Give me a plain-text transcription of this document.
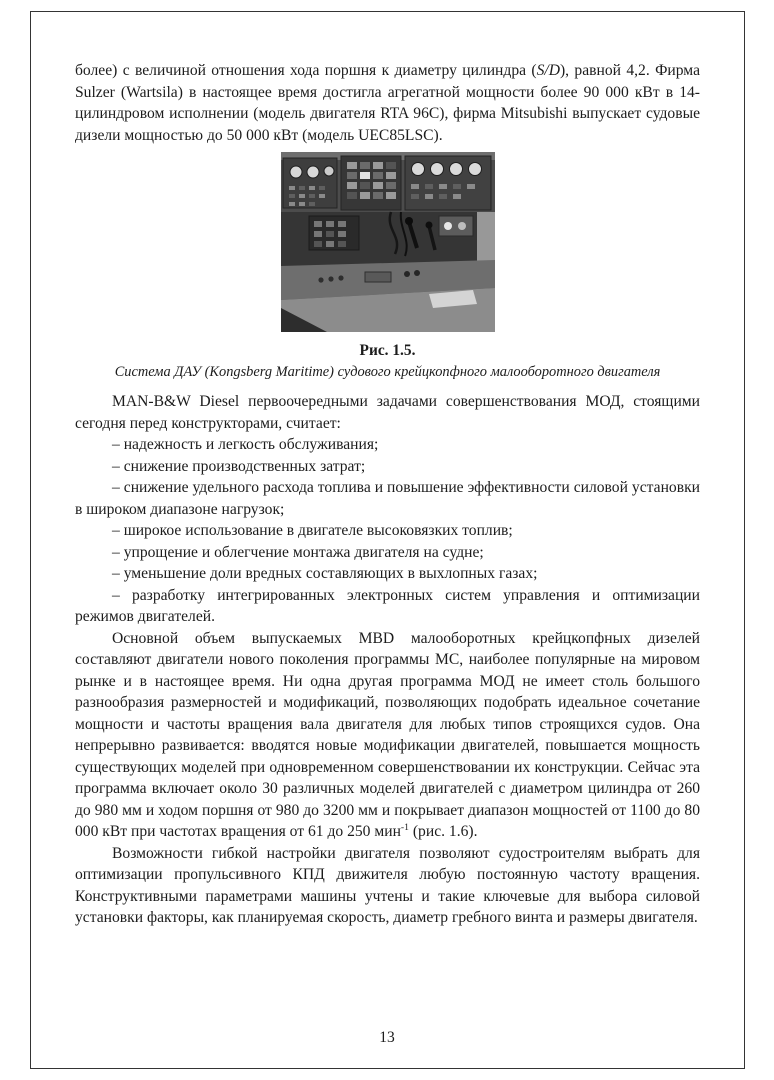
более) с величиной отношения хода поршня к диаметру цилиндра (S/D), равной 4,2. Фирма Sulzer (Wartsila) в настоящее время достигла агрегатной мощности более 90 000 кВт в 14-цилиндровом исполнении (модель двигателя RTA 96C), фирма Mitsubishi выпускает судовые дизели мощностью до 50 000 кВт (модель UEC85LSC).

Рис. 1.5.

Система ДАУ (Kongsberg Maritime) судового крейцкопфного малооборотного двигателя

MAN-B&W Diesel первоочередными задачами совершенствования МОД, стоящими сегодня перед конструкторами, считает:

– надежность и легкость обслуживания;

– снижение производственных затрат;

– снижение удельного расхода топлива и повышение эффективности силовой установки в широком диапазоне нагрузок;

– широкое использование в двигателе высоковязких топлив;

– упрощение и облегчение монтажа двигателя на судне;

– уменьшение доли вредных составляющих в выхлопных газах;

– разработку интегрированных электронных систем управления и оптимизации режимов двигателей.

Основной объем выпускаемых MBD малооборотных крейцкопфных дизелей составляют двигатели нового поколения программы MC, наиболее популярные на мировом рынке и в настоящее время. Ни одна другая программа МОД не имеет столь большого разнообразия размерностей и модификаций, позволяющих подобрать идеальное сочетание мощности и частоты вращения вала двигателя для любых типов строящихся судов. Она непрерывно развивается: вводятся новые модификации двигателей, повышается мощность существующих моделей при одновременном совершенствовании их конструкции. Сейчас эта программа включает около 30 различных моделей двигателей с диаметром цилиндра от 260 до 980 мм и ходом поршня от 980 до 3200 мм и покрывает диапазон мощностей от 1100 до 80 000 кВт при частотах вращения от 61 до 250 мин$^{-1}$ (рис. 1.6).

Возможности гибкой настройки двигателя позволяют судостроителям выбрать для оптимизации пропульсивного КПД движителя любую постоянную частоту вращения. Конструктивными параметрами машины учтены и такие ключевые для выбора силовой установки факторы, как планируемая скорость, диаметр гребного винта и размеры двигателя.

13
